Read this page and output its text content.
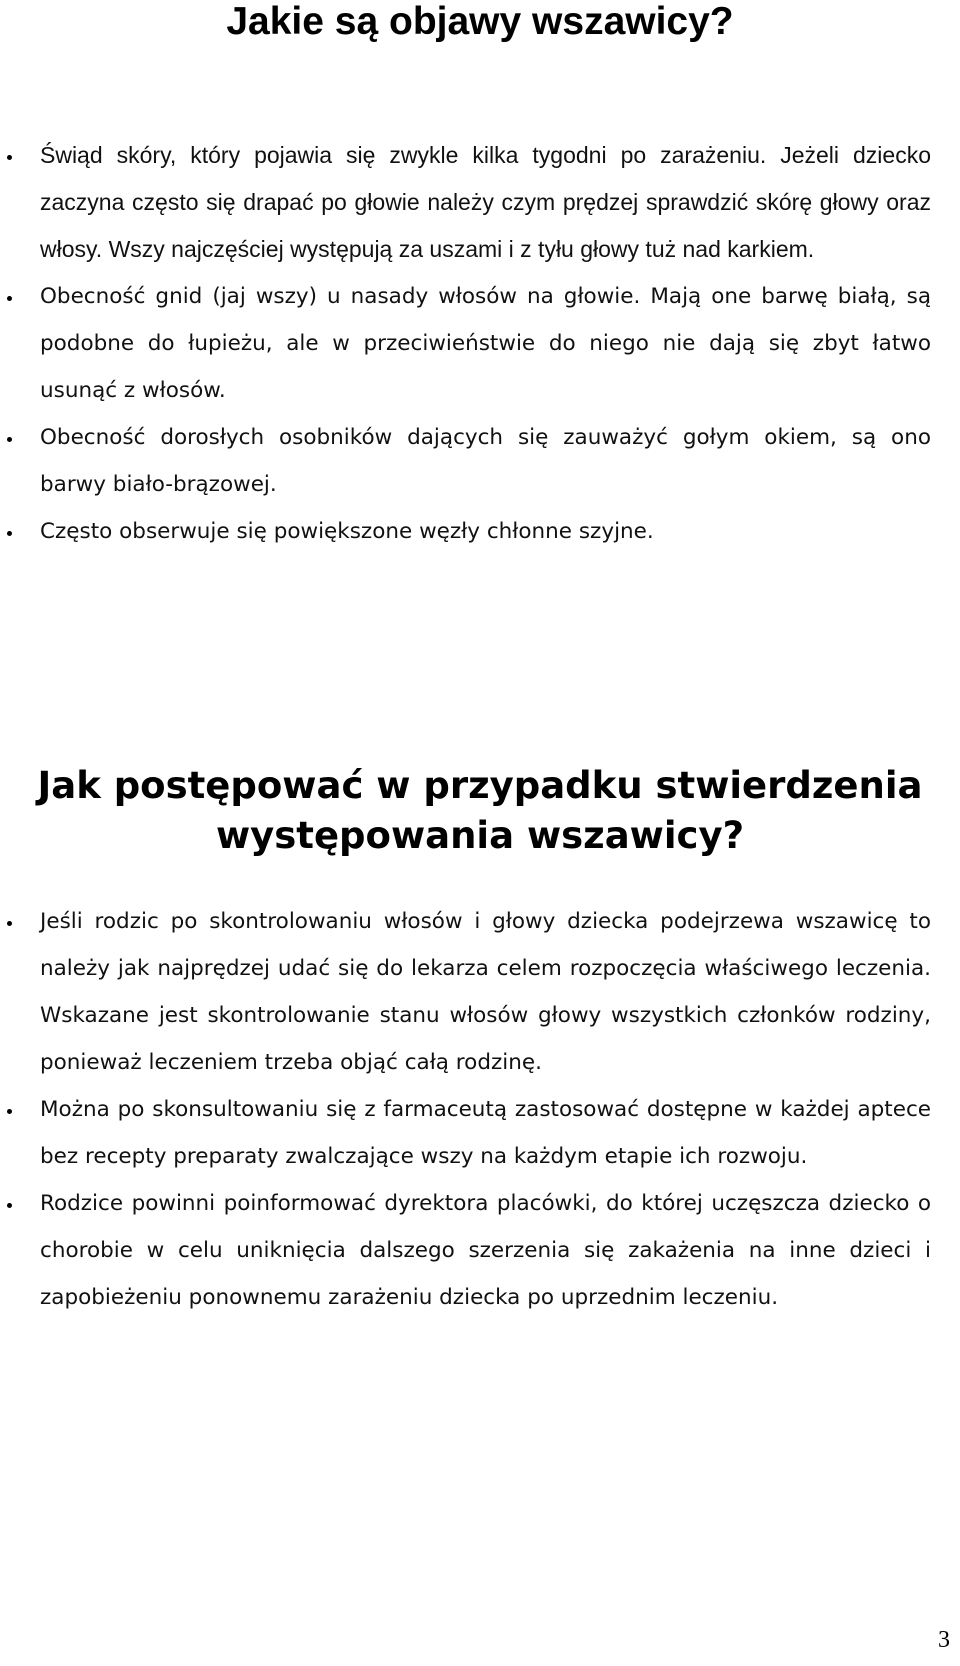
Jakie są objawy wszawicy?
Świąd skóry, który pojawia się zwykle kilka tygodni po zarażeniu. Jeżeli dziecko zaczyna często się drapać po głowie należy czym prędzej sprawdzić skórę głowy oraz włosy. Wszy najczęściej występują za uszami i z tyłu głowy tuż nad karkiem.
Obecność gnid (jaj wszy) u nasady włosów na głowie. Mają one barwę białą, są podobne do łupieżu, ale w przeciwieństwie do niego nie dają się zbyt łatwo usunąć z włosów.
Obecność dorosłych osobników dających się zauważyć gołym okiem, są ono barwy biało-brązowej.
Często obserwuje się powiększone węzły chłonne szyjne.
Jak postępować w przypadku stwierdzenia
występowania wszawicy?
Jeśli rodzic po skontrolowaniu włosów i głowy dziecka podejrzewa wszawicę to należy jak najprędzej udać się do lekarza celem rozpoczęcia właściwego leczenia. Wskazane jest skontrolowanie stanu włosów głowy wszystkich członków rodziny, ponieważ leczeniem trzeba objąć całą rodzinę.
Można po skonsultowaniu się z farmaceutą zastosować dostępne w każdej aptece bez recepty preparaty zwalczające wszy na każdym etapie ich rozwoju.
Rodzice powinni poinformować dyrektora placówki, do której uczęszcza dziecko o chorobie w celu uniknięcia dalszego szerzenia się zakażenia na inne dzieci i zapobieżeniu ponownemu zarażeniu dziecka po uprzednim leczeniu.
3
